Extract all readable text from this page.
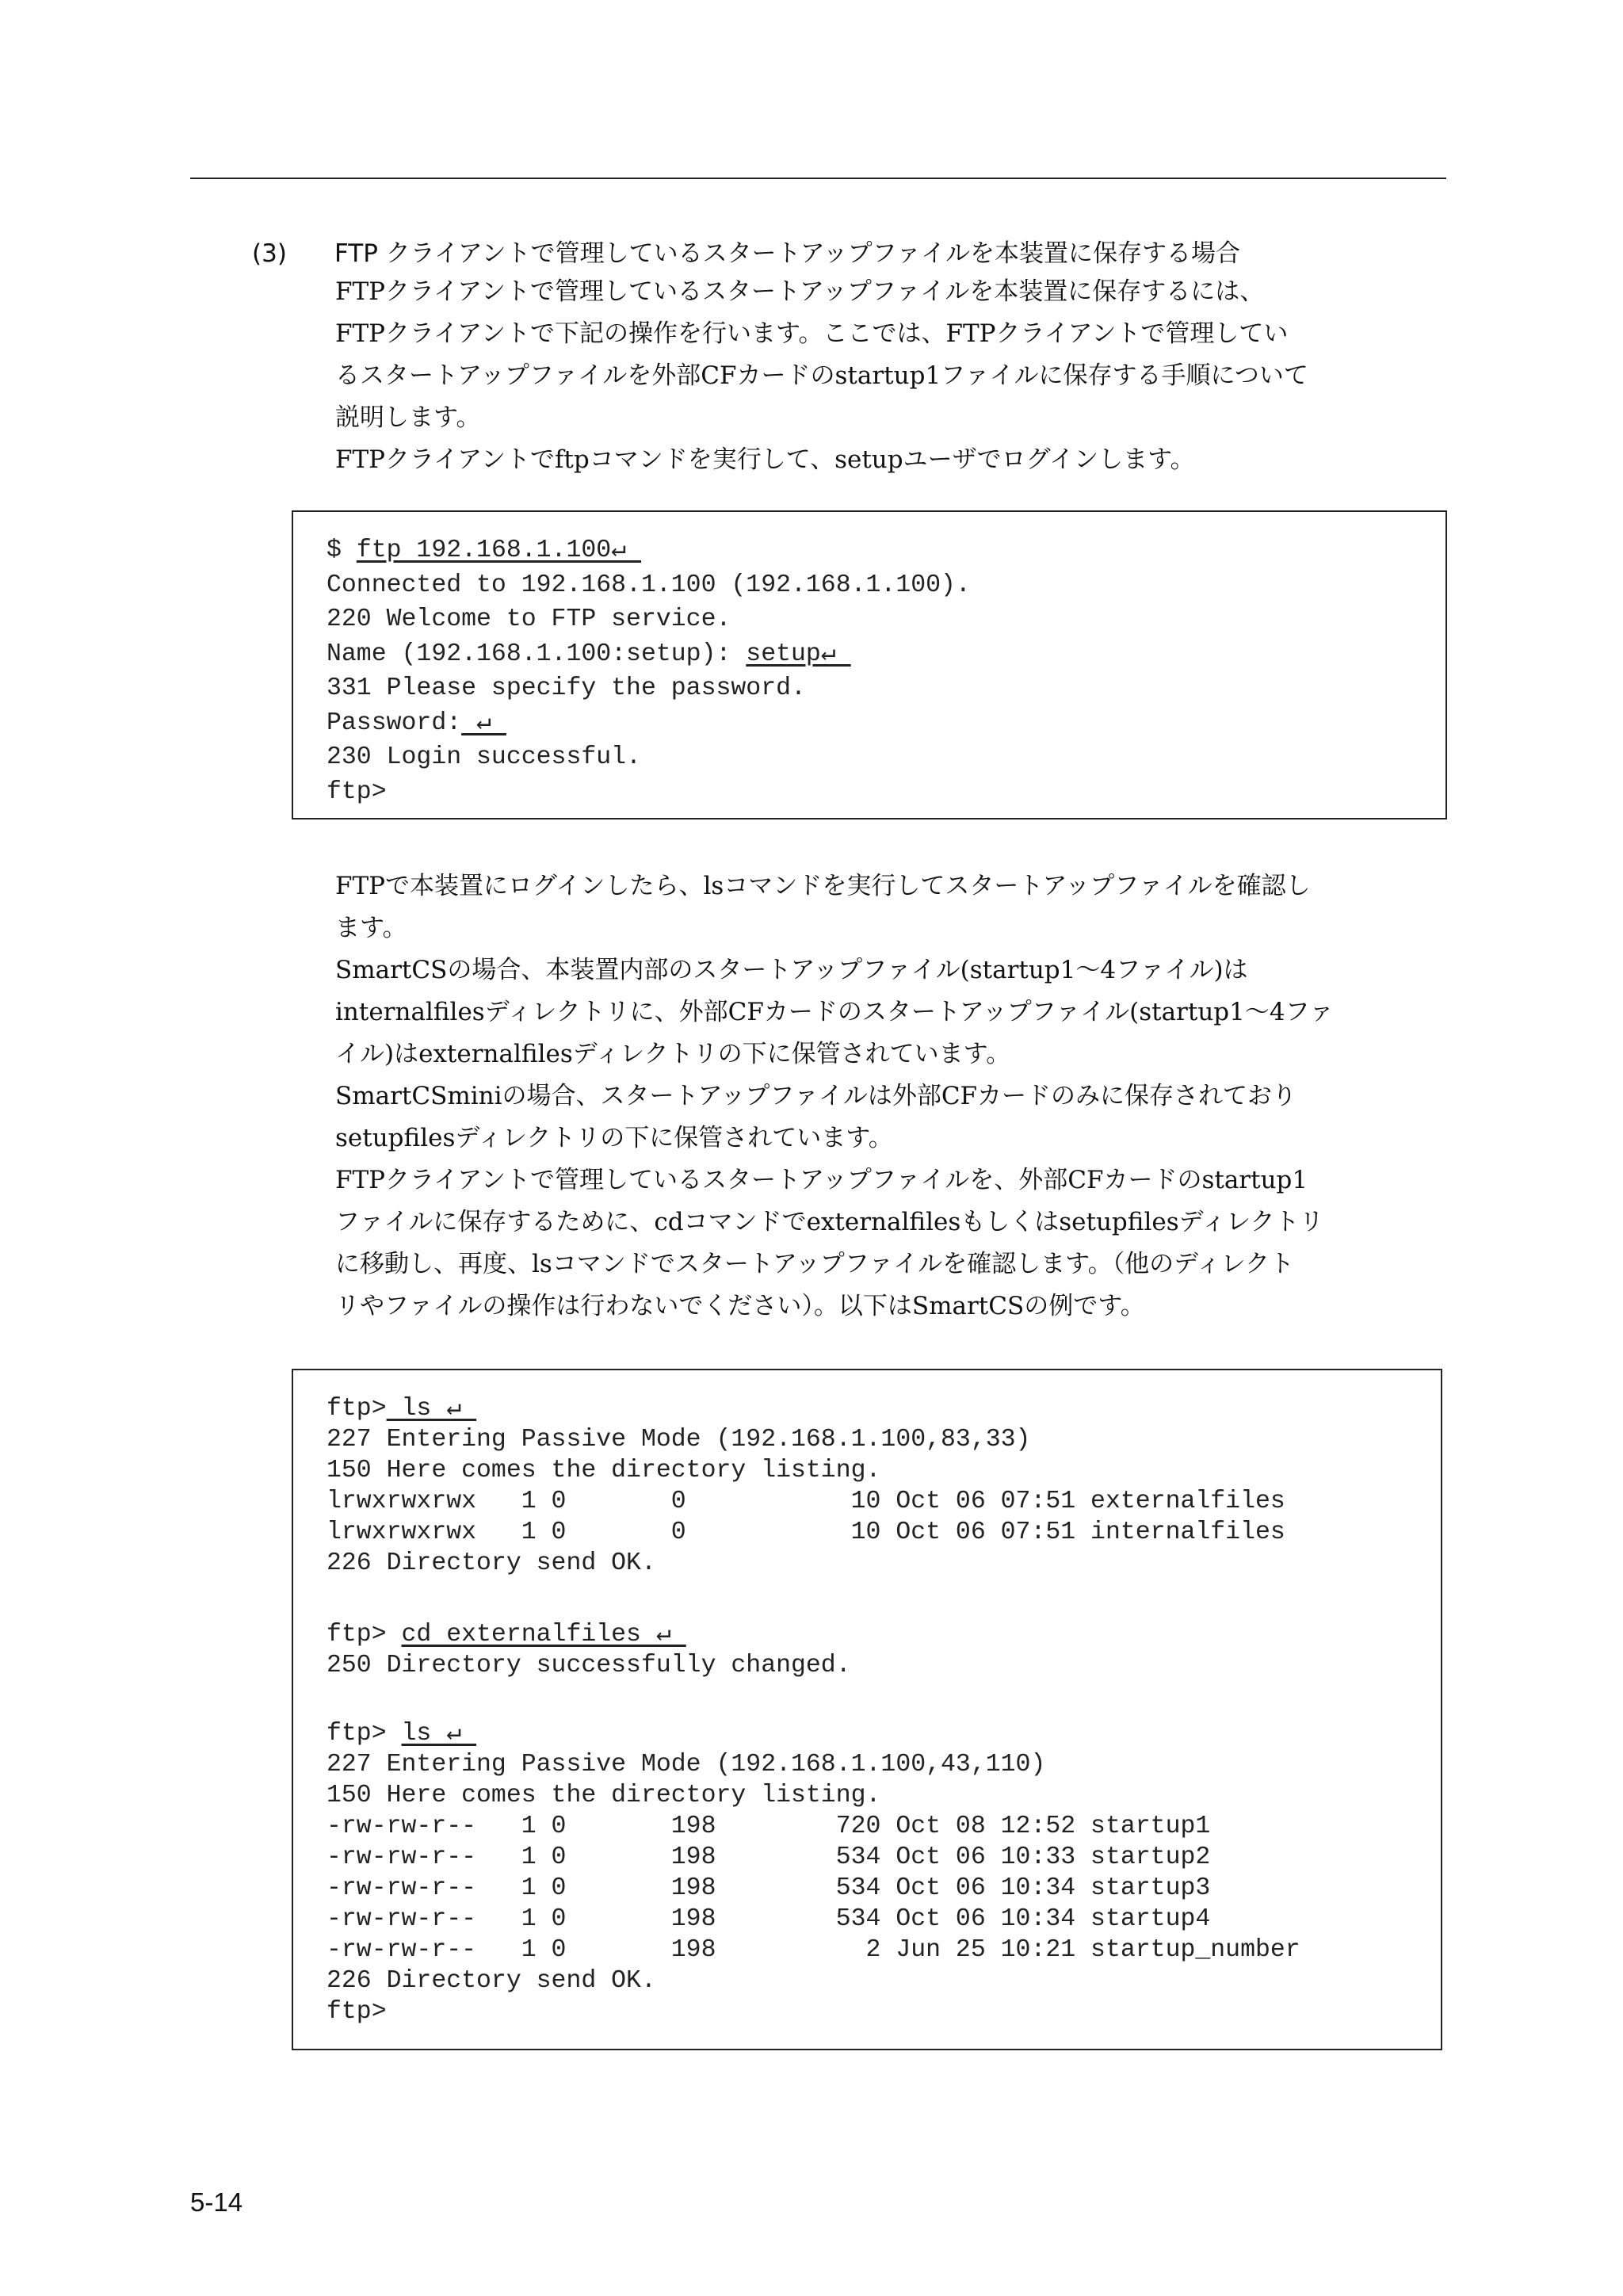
(3) FTP クライアントで管理しているスタートアップファイルを本装置に保存する場合

FTPクライアントで管理しているスタートアップファイルを本装置に保存するには、

FTPクライアントで下記の操作を行います。ここでは、FTPクライアントで管理してい

るスタートアップファイルを外部CFカードのstartup1ファイルに保存する手順について

説明します。

FTPクライアントでftpコマンドを実行して、setupユーザでログインします。

$ ftp 192.168.1.100↵
Connected to 192.168.1.100 (192.168.1.100).
220 Welcome to FTP service.
Name (192.168.1.100:setup): setup↵
331 Please specify the password.
Password: ↵
230 Login successful.
ftp>

FTPで本装置にログインしたら、lsコマンドを実行してスタートアップファイルを確認し

ます。

SmartCSの場合、本装置内部のスタートアップファイル(startup1～4ファイル)は

internalfilesディレクトリに、外部CFカードのスタートアップファイル(startup1～4ファ

イル)はexternalfilesディレクトリの下に保管されています。

SmartCSminiの場合、スタートアップファイルは外部CFカードのみに保存されており

setupfilesディレクトリの下に保管されています。

FTPクライアントで管理しているスタートアップファイルを、外部CFカードのstartup1

ファイルに保存するために、cdコマンドでexternalfilesもしくはsetupfilesディレクトリ

に移動し、再度、lsコマンドでスタートアップファイルを確認します。（他のディレクト

リやファイルの操作は行わないでください）。以下はSmartCSの例です。

ftp> ls ↵
227 Entering Passive Mode (192.168.1.100,83,33)
150 Here comes the directory listing.
lrwxrwxrwx   1 0       0           10 Oct 06 07:51 externalfiles
lrwxrwxrwx   1 0       0           10 Oct 06 07:51 internalfiles
226 Directory send OK.
ftp> cd externalfiles ↵
250 Directory successfully changed.
ftp> ls ↵
227 Entering Passive Mode (192.168.1.100,43,110)
150 Here comes the directory listing.
-rw-rw-r--   1 0       198        720 Oct 08 12:52 startup1
-rw-rw-r--   1 0       198        534 Oct 06 10:33 startup2
-rw-rw-r--   1 0       198        534 Oct 06 10:34 startup3
-rw-rw-r--   1 0       198        534 Oct 06 10:34 startup4
-rw-rw-r--   1 0       198          2 Jun 25 10:21 startup_number
226 Directory send OK.
ftp>
5-14
